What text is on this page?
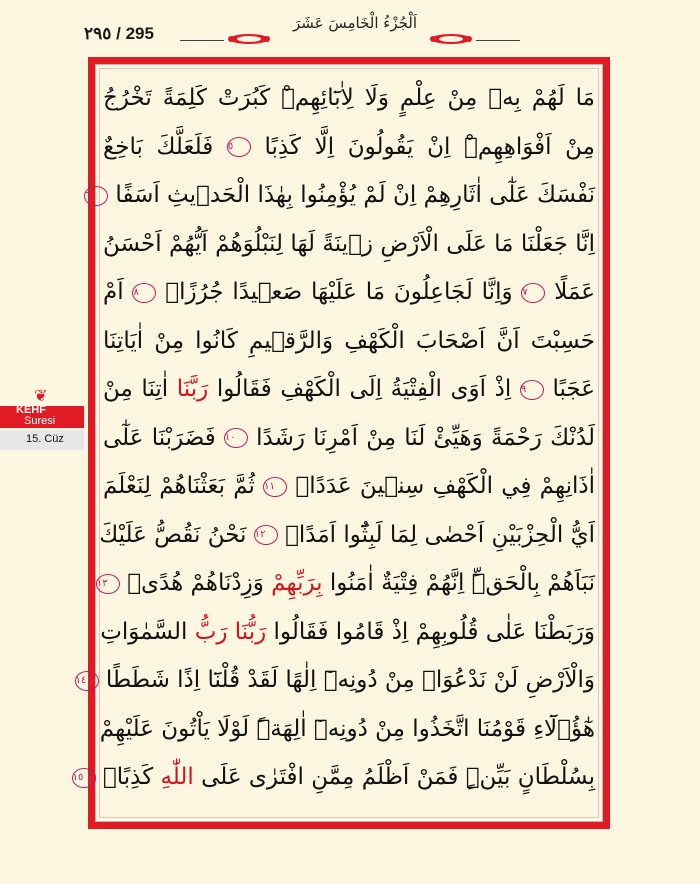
٢٩٥ / 295
اَلْجُزْءُ الْخَامِسَ عَشَرَ
❦
KEHF
Suresi
15. Cüz
مَا لَهُمْ بِه۪ مِنْ عِلْمٍ وَلَا لِاٰبَٓائِهِمْۜ كَبُرَتْ كَلِمَةً تَخْرُجُ
مِنْ اَفْوَاهِهِمْۜ اِنْ يَقُولُونَ اِلَّا كَذِبًا ٥ فَلَعَلَّكَ بَاخِعٌ
نَفْسَكَ عَلٰٓى اٰثَارِهِمْ اِنْ لَمْ يُؤْمِنُوا بِهٰذَا الْحَد۪يثِ اَسَفًا ٦
اِنَّا جَعَلْنَا مَا عَلَى الْاَرْضِ ز۪ينَةً لَهَا لِنَبْلُوَهُمْ اَيُّهُمْ اَحْسَنُ
عَمَلًا ٧ وَاِنَّا لَجَاعِلُونَ مَا عَلَيْهَا صَع۪يدًا جُرُزًاۜ ٨ اَمْ
حَسِبْتَ اَنَّ اَصْحَابَ الْكَهْفِ وَالرَّق۪يمِ كَانُوا مِنْ اٰيَاتِنَا
عَجَبًا ٩ اِذْ اَوَى الْفِتْيَةُ اِلَى الْكَهْفِ فَقَالُوا رَبَّنَا اٰتِنَا مِنْ
لَدُنْكَ رَحْمَةً وَهَيِّئْ لَنَا مِنْ اَمْرِنَا رَشَدًا ١٠ فَضَرَبْنَا عَلٰٓى
اٰذَانِهِمْ فِي الْكَهْفِ سِن۪ينَ عَدَدًاۙ ١١ ثُمَّ بَعَثْنَاهُمْ لِنَعْلَمَ
اَيُّ الْحِزْبَيْنِ اَحْصٰى لِمَا لَبِثُٓوا اَمَدًاۚ ١٢ نَحْنُ نَقُصُّ عَلَيْكَ
نَبَاَهُمْ بِالْحَقِّۜ اِنَّهُمْ فِتْيَةٌ اٰمَنُوا بِرَبِّهِمْ وَزِدْنَاهُمْ هُدًىۗ ١٣
وَرَبَطْنَا عَلٰى قُلُوبِهِمْ اِذْ قَامُوا فَقَالُوا رَبُّنَا رَبُّ السَّمٰوَاتِ
وَالْاَرْضِ لَنْ نَدْعُوَا۟ مِنْ دُونِه۪ٓ اِلٰهًا لَقَدْ قُلْنَٓا اِذًا شَطَطًا ١٤
هٰٓؤُ۬لَٓاءِ قَوْمُنَا اتَّخَذُوا مِنْ دُونِه۪ٓ اٰلِهَةًۜ لَوْلَا يَاْتُونَ عَلَيْهِمْ
بِسُلْطَانٍ بَيِّنٍۜ فَمَنْ اَظْلَمُ مِمَّنِ افْتَرٰى عَلَى اللّٰهِ كَذِبًاۜ ١٥
